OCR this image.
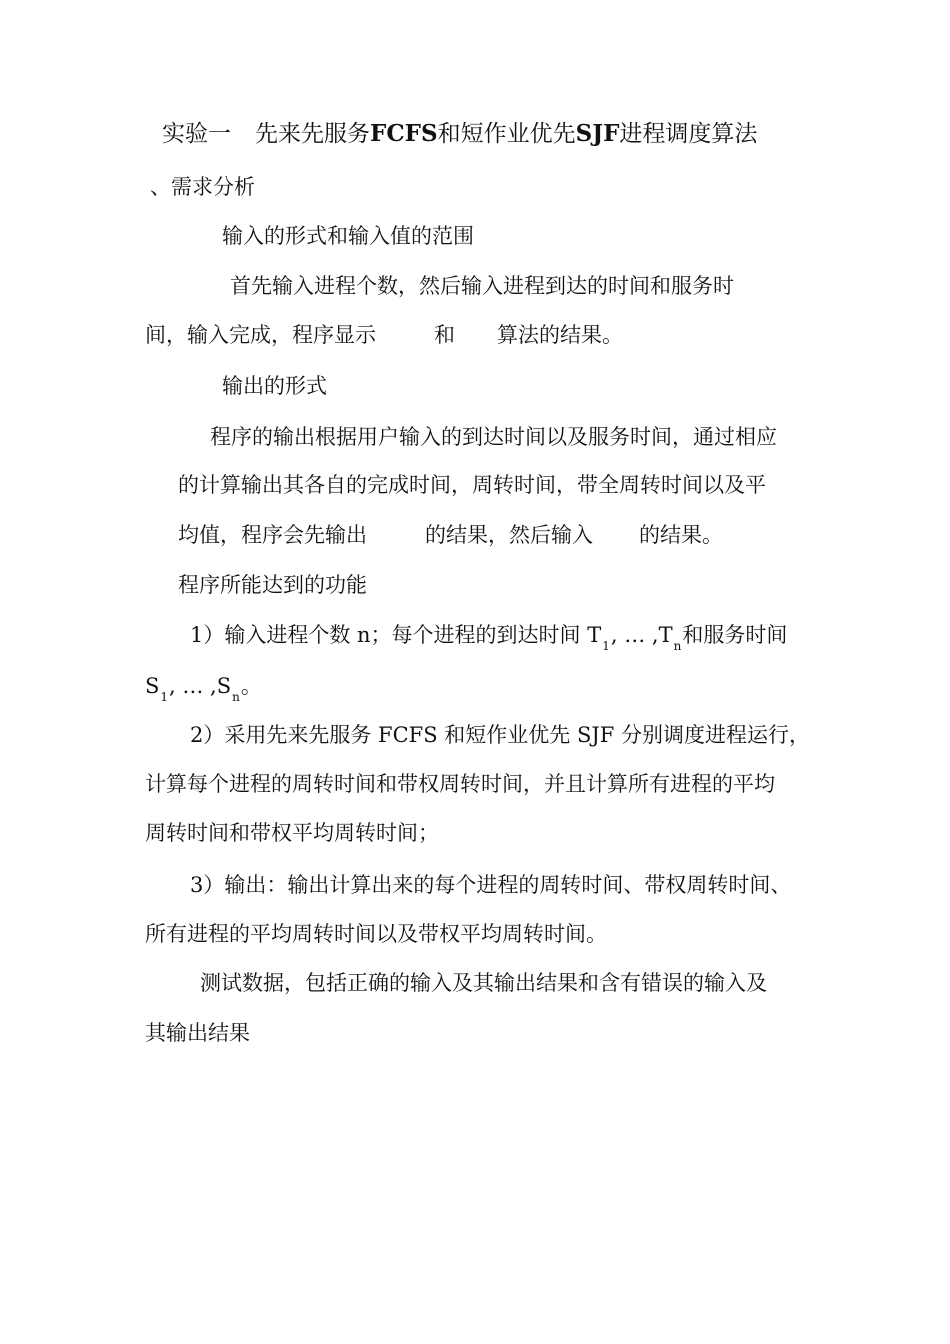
实验一 先来先服务FCFS和短作业优先SJF进程调度算法
、需求分析
输入的形式和输入值的范围
首先输入进程个数，然后输入进程到达的时间和服务时
间，输入完成，程序显示	和 算法的结果。
输出的形式
程序的输出根据用户输入的到达时间以及服务时间，通过相应
的计算输出其各自的完成时间，周转时间，带全周转时间以及平
均值，程序会先输出	的结果，然后输入 的结果。
程序所能达到的功能
1）输入进程个数 n；每个进程的到达时间 $T_1$, … $,T_n$和服务时间
$S_1$, … $,S_n$。
2）采用先来先服务 FCFS 和短作业优先 SJF 分别调度进程运行，
计算每个进程的周转时间和带权周转时间，并且计算所有进程的平均
周转时间和带权平均周转时间；
3）输出：输出计算出来的每个进程的周转时间、带权周转时间、
所有进程的平均周转时间以及带权平均周转时间。
测试数据，包括正确的输入及其输出结果和含有错误的输入及
其输出结果
